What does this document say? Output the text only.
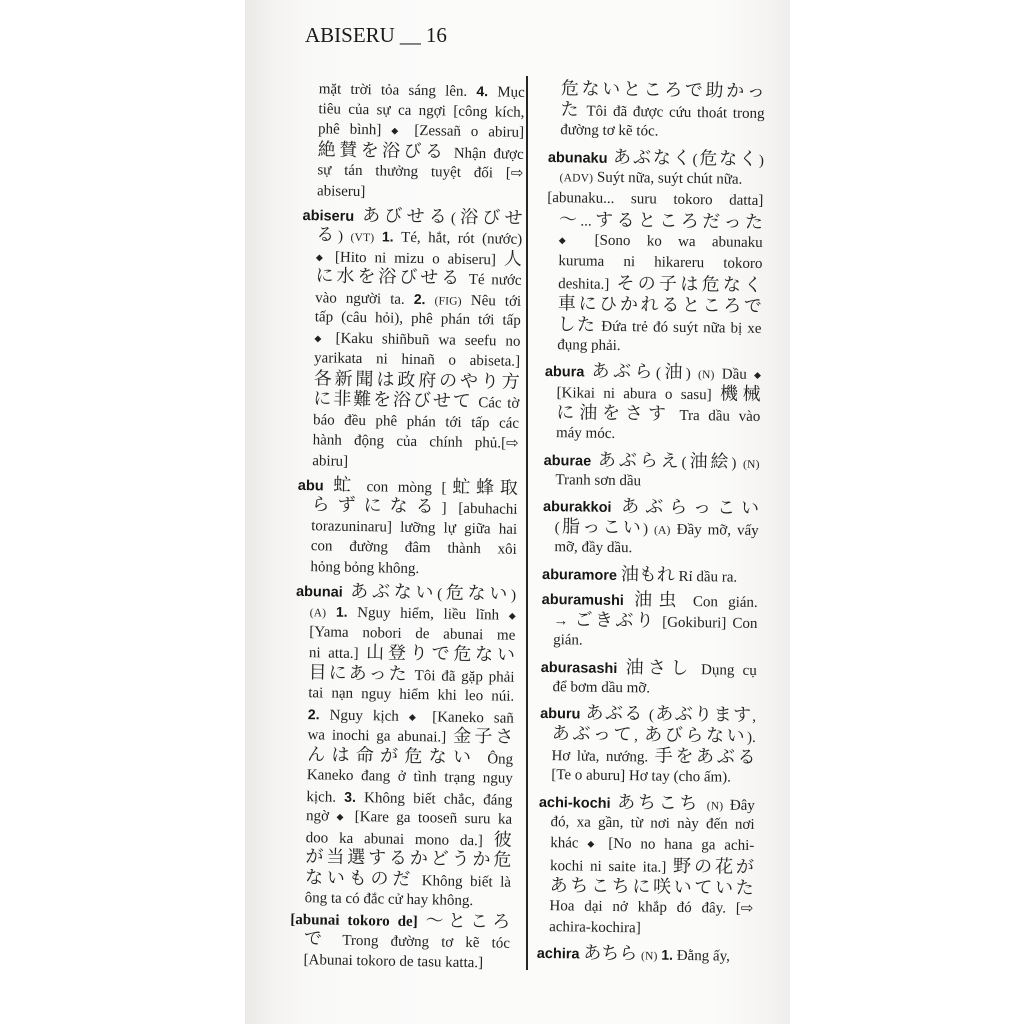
ABISERU __ 16
mặt trời tỏa sáng lên. 4. Mục
tiêu của sự ca ngợi [công kích,
phê bình] ◆ [Zessañ o abiru]
絶賛を浴びる Nhận được
sự tán thưởng tuyệt đối [⇨
abiseru]
abiseru あびせる(浴びせ
る) (VT) 1. Té, hắt, rót (nước)
◆ [Hito ni mizu o abiseru] 人
に水を浴びせる Té nước
vào người ta. 2. (FIG) Nêu tới
tấp (câu hỏi), phê phán tới tấp
◆ [Kaku shiñbuñ wa seefu no
yarikata ni hinañ o abiseta.]
各新聞は政府のやり方
に非難を浴びせて Các tờ
báo đều phê phán tới tấp các
hành động của chính phủ.[⇨
abiru]
abu 虻 con mòng [虻蜂取
らずになる] [abuhachi
torazuninaru] lưỡng lự giữa hai
con đường đâm thành xôi
hỏng bỏng không.
abunai あぶない(危ない)
(A) 1. Nguy hiểm, liều lĩnh ◆
[Yama nobori de abunai me
ni atta.] 山登りで危ない
目にあった Tôi đã gặp phải
tai nạn nguy hiểm khi leo núi.
2. Nguy kịch ◆ [Kaneko sañ
wa inochi ga abunai.] 金子さ
んは命が危ない Ông
Kaneko đang ở tình trạng nguy
kịch. 3. Không biết chắc, đáng
ngờ ◆ [Kare ga tooseñ suru ka
doo ka abunai mono da.] 彼
が当選するかどうか危
ないものだ Không biết là
ông ta có đắc cử hay không.
[abunai tokoro de] 〜ところ
で Trong đường tơ kẽ tóc
[Abunai tokoro de tasu katta.]
危ないところで助かっ
た Tôi đã được cứu thoát trong
đường tơ kẽ tóc.
abunaku あぶなく(危なく)
(ADV) Suýt nữa, suýt chút nữa.
[abunaku... suru tokoro datta]
〜...するところだった
◆ [Sono ko wa abunaku
kuruma ni hikareru tokoro
deshita.] その子は危なく
車にひかれるところで
した Đứa trẻ đó suýt nữa bị xe
đụng phải.
abura あぶら(油) (N) Dầu ◆
[Kikai ni abura o sasu] 機械
に油をさす Tra dầu vào
máy móc.
aburae あぶらえ(油絵) (N)
Tranh sơn dầu
aburakkoi あぶらっこい
(脂っこい) (A) Đầy mỡ, vấy
mỡ, đầy dầu.
aburamore 油もれ Rỉ dầu ra.
aburamushi 油虫 Con gián.
→ ごきぶり [Gokiburi] Con
gián.
aburasashi 油さし Dụng cụ
để bơm dầu mỡ.
aburu あぶる (あぶります,
あぶって, あびらない).
Hơ lửa, nướng. 手をあぶる
[Te o aburu] Hơ tay (cho ấm).
achi-kochi あちこち (N) Đây
đó, xa gần, từ nơi này đến nơi
khác ◆ [No no hana ga achi-
kochi ni saite ita.] 野の花が
あちこちに咲いていた
Hoa dại nở khắp đó đây. [⇨
achira-kochira]
achira あちら (N) 1. Đằng ấy,
